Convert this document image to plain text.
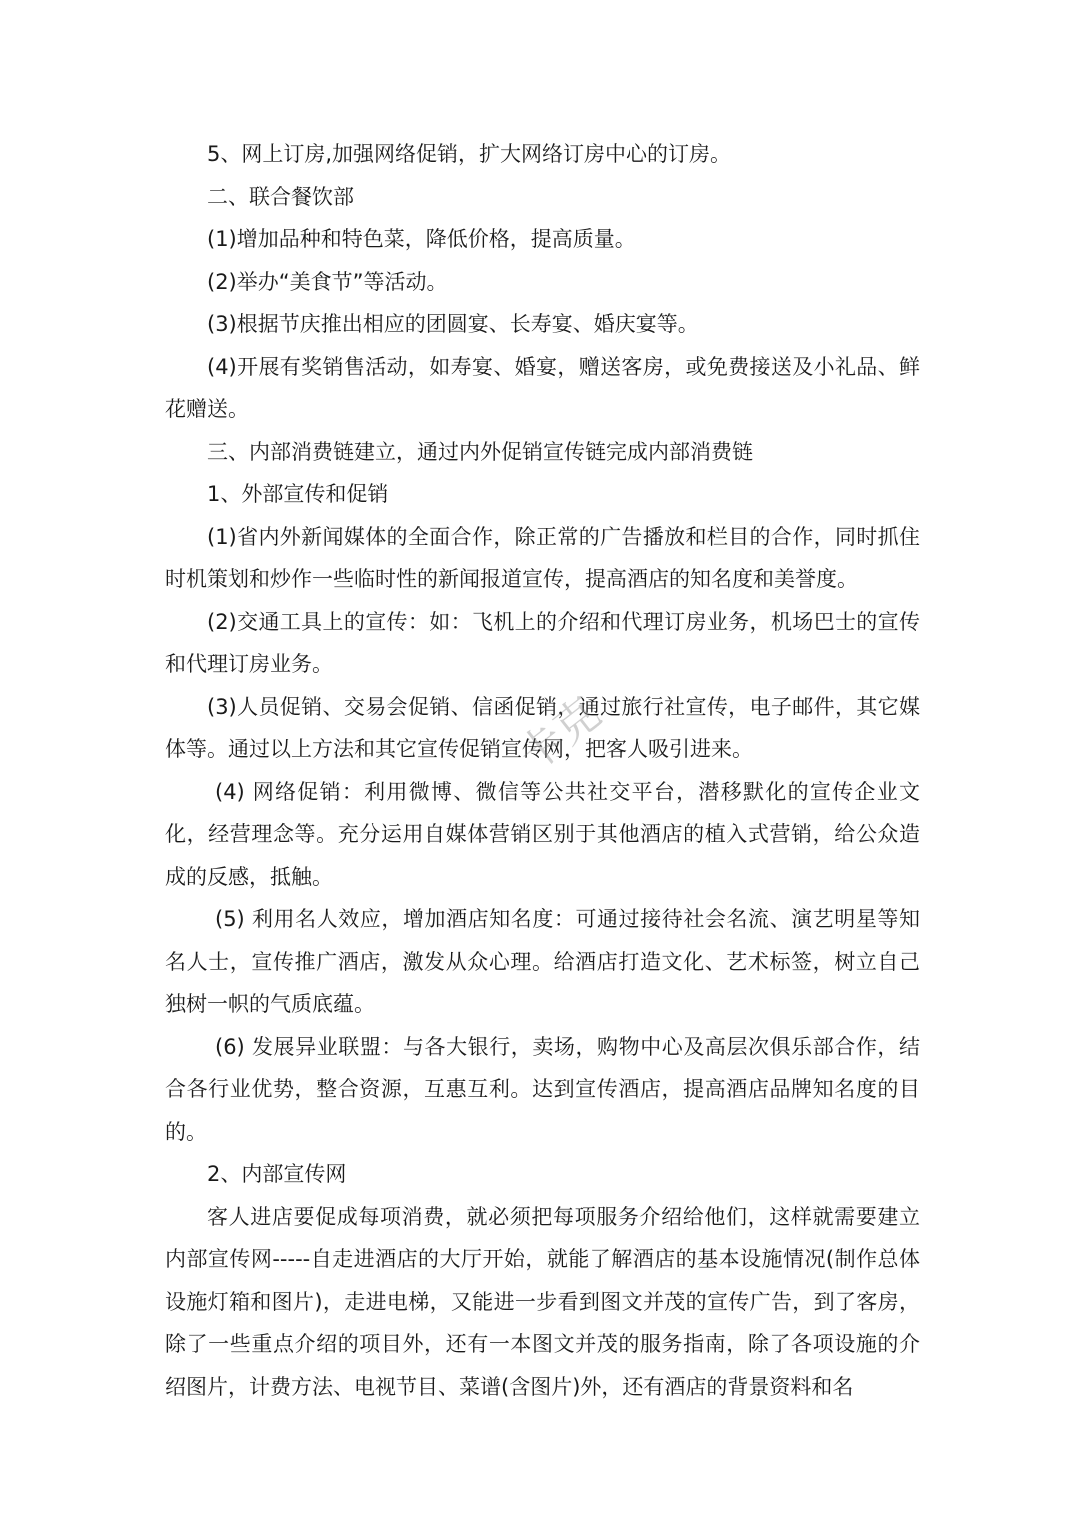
5、网上订房,加强网络促销，扩大网络订房中心的订房。

二、联合餐饮部

(1)增加品种和特色菜，降低价格，提高质量。

(2)举办“美食节”等活动。

(3)根据节庆推出相应的团圆宴、长寿宴、婚庆宴等。

(4)开展有奖销售活动，如寿宴、婚宴，赠送客房，或免费接送及小礼品、鲜花赠送。

三、内部消费链建立，通过内外促销宣传链完成内部消费链

1、外部宣传和促销

(1)省内外新闻媒体的全面合作，除正常的广告播放和栏目的合作，同时抓住时机策划和炒作一些临时性的新闻报道宣传，提高酒店的知名度和美誉度。

(2)交通工具上的宣传：如：飞机上的介绍和代理订房业务，机场巴士的宣传和代理订房业务。

(3)人员促销、交易会促销、信函促销，通过旅行社宣传，电子邮件，其它媒体等。通过以上方法和其它宣传促销宣传网，把客人吸引进来。

(4) 网络促销：利用微博、微信等公共社交平台，潜移默化的宣传企业文化，经营理念等。充分运用自媒体营销区别于其他酒店的植入式营销，给公众造成的反感，抵触。

(5) 利用名人效应，增加酒店知名度：可通过接待社会名流、演艺明星等知名人士，宣传推广酒店，激发从众心理。给酒店打造文化、艺术标签，树立自己独树一帜的气质底蕴。

(6) 发展异业联盟：与各大银行，卖场，购物中心及高层次俱乐部合作，结合各行业优势，整合资源，互惠互利。达到宣传酒店，提高酒店品牌知名度的目的。

2、内部宣传网

客人进店要促成每项消费，就必须把每项服务介绍给他们，这样就需要建立内部宣传网-----自走进酒店的大厅开始，就能了解酒店的基本设施情况(制作总体设施灯箱和图片)，走进电梯，又能进一步看到图文并茂的宣传广告，到了客房，除了一些重点介绍的项目外，还有一本图文并茂的服务指南，除了各项设施的介绍图片，计费方法、电视节目、菜谱(含图片)外，还有酒店的背景资料和名

卡克
